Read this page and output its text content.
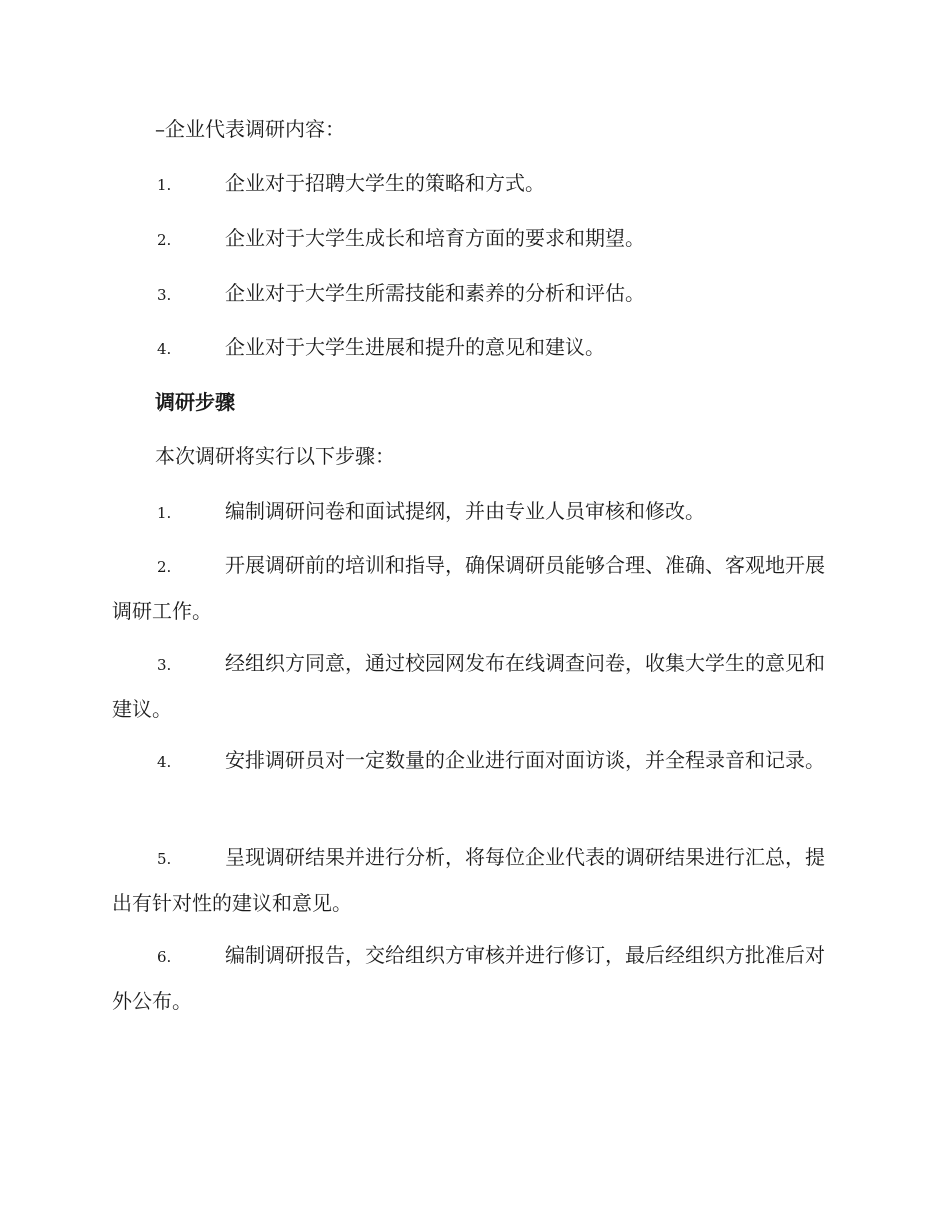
–企业代表调研内容：
1.	企业对于招聘大学生的策略和方式。
2.	企业对于大学生成长和培育方面的要求和期望。
3.	企业对于大学生所需技能和素养的分析和评估。
4.	企业对于大学生进展和提升的意见和建议。
调研步骤
本次调研将实行以下步骤：
1.	编制调研问卷和面试提纲，并由专业人员审核和修改。
2.	开展调研前的培训和指导，确保调研员能够合理、准确、客观地开展调研工作。
3.	经组织方同意，通过校园网发布在线调查问卷，收集大学生的意见和建议。
4.	安排调研员对一定数量的企业进行面对面访谈，并全程录音和记录。
5.	呈现调研结果并进行分析，将每位企业代表的调研结果进行汇总，提出有针对性的建议和意见。
6.	编制调研报告，交给组织方审核并进行修订，最后经组织方批准后对外公布。
